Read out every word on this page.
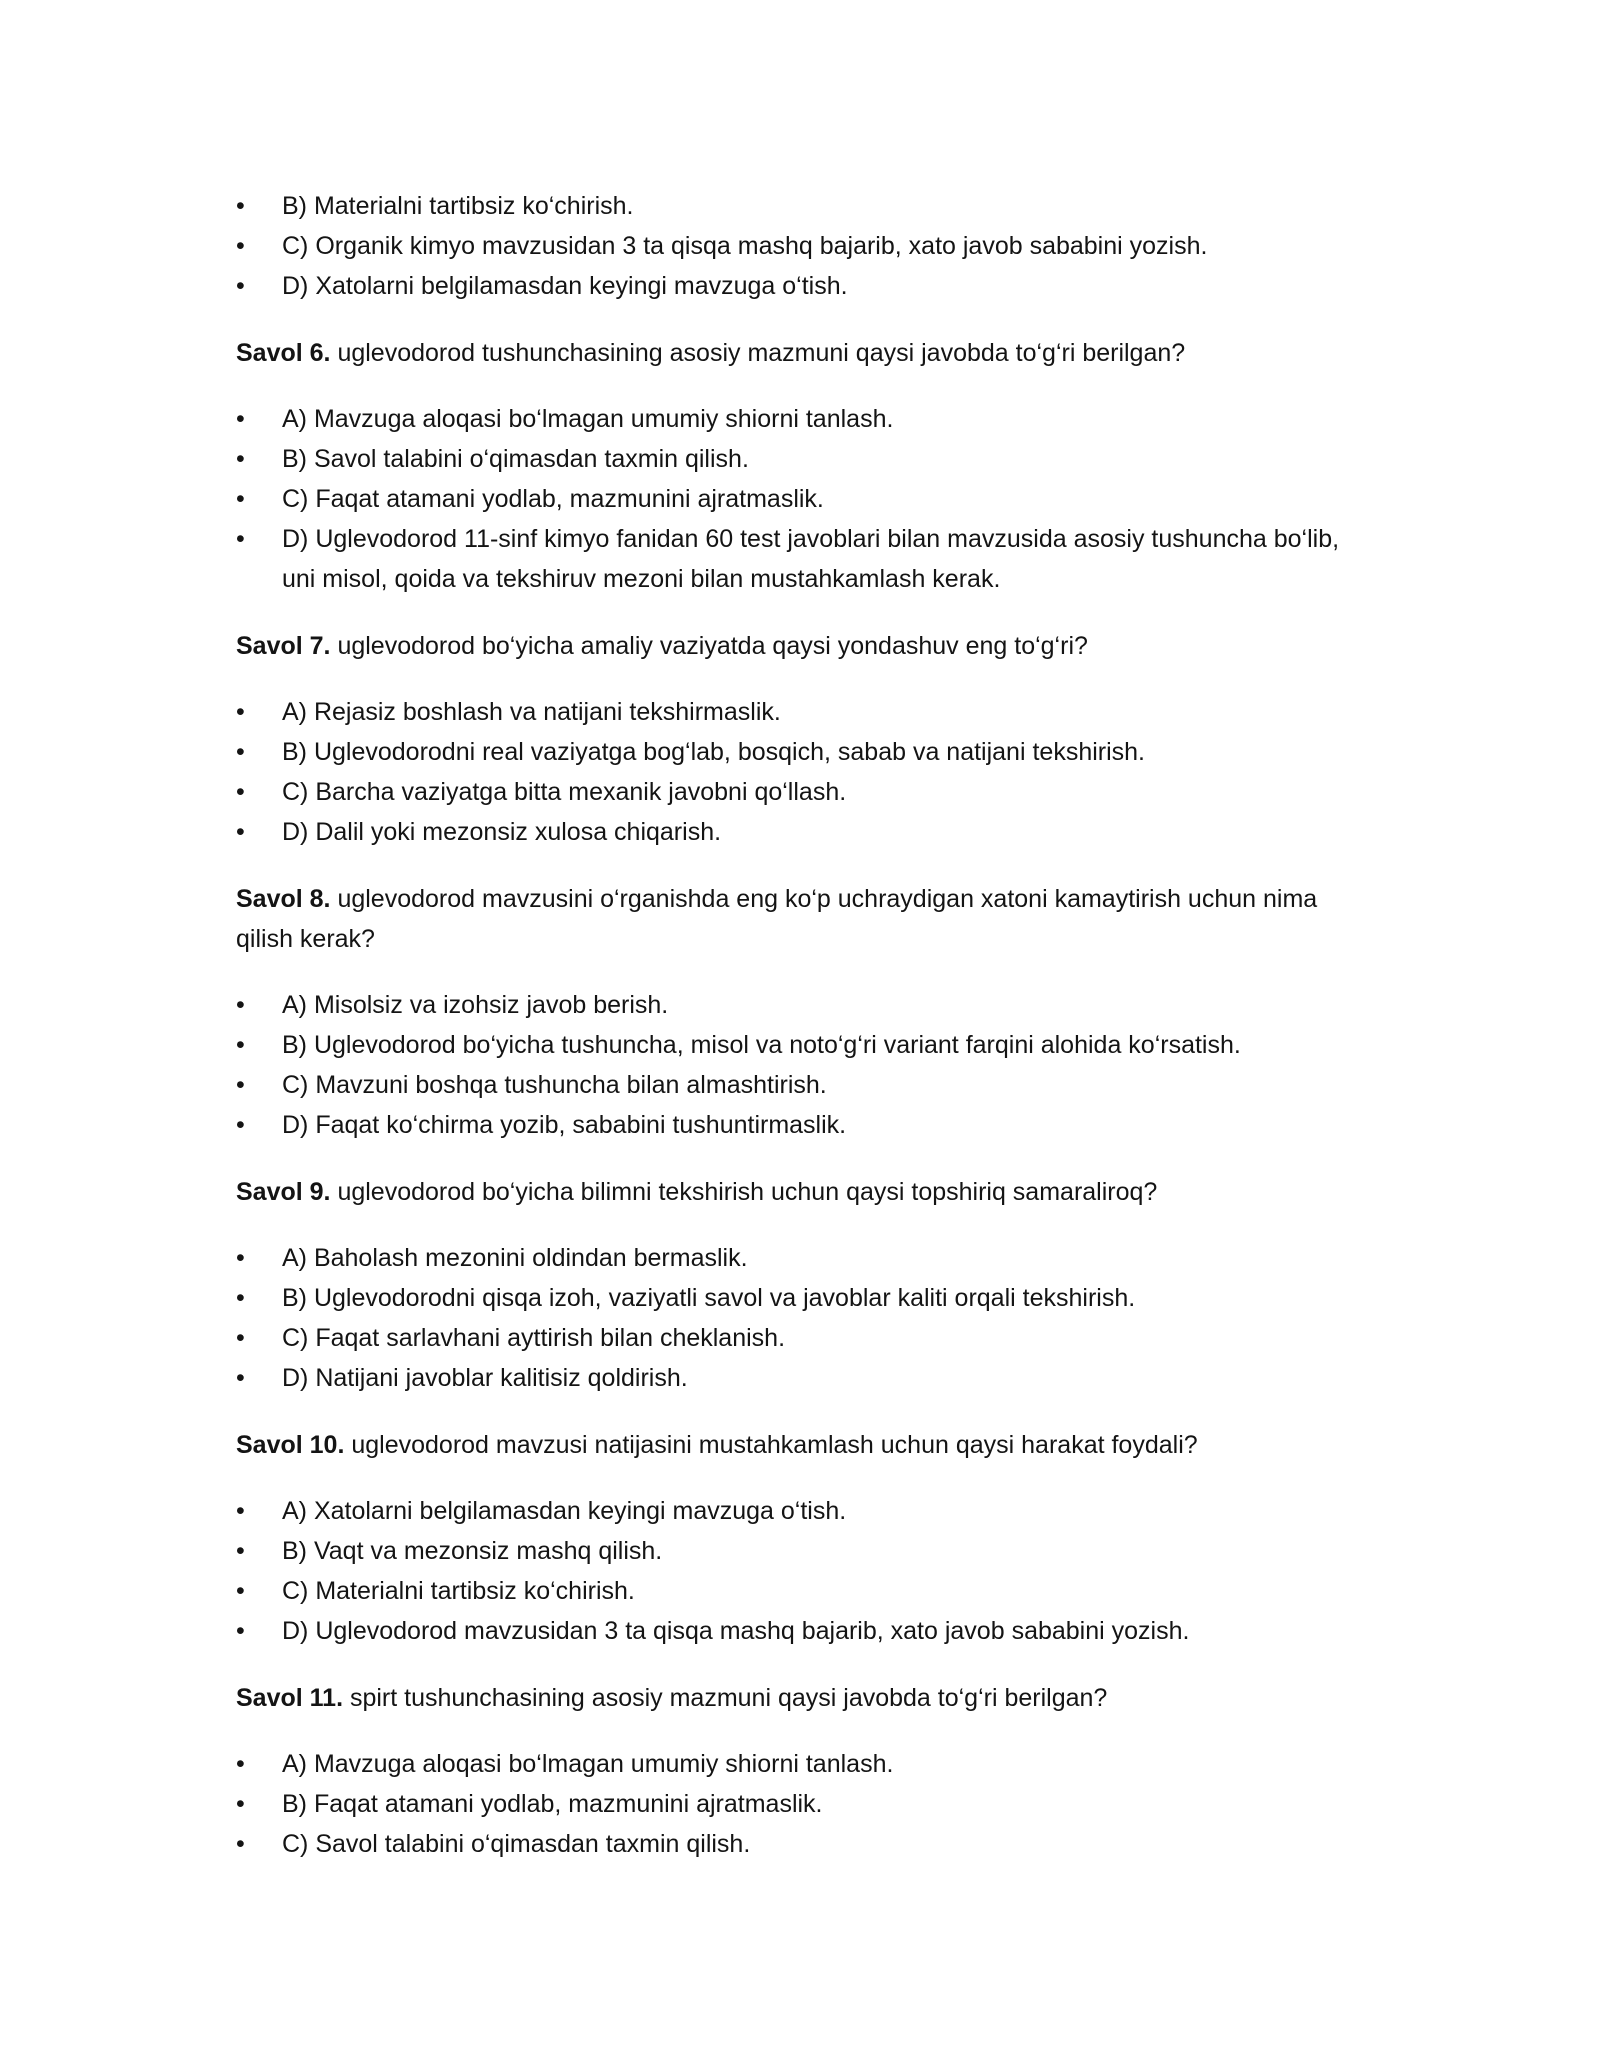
•	B) Materialni tartibsiz ko‘chirish.
•	C) Organik kimyo mavzusidan 3 ta qisqa mashq bajarib, xato javob sababini yozish.
•	D) Xatolarni belgilamasdan keyingi mavzuga o‘tish.

Savol 6. uglevodorod tushunchasining asosiy mazmuni qaysi javobda to‘g‘ri berilgan?

•	A) Mavzuga aloqasi bo‘lmagan umumiy shiorni tanlash.
•	B) Savol talabini o‘qimasdan taxmin qilish.
•	C) Faqat atamani yodlab, mazmunini ajratmaslik.
•	D) Uglevodorod 11-sinf kimyo fanidan 60 test javoblari bilan mavzusida asosiy tushuncha bo‘lib, uni misol, qoida va tekshiruv mezoni bilan mustahkamlash kerak.

Savol 7. uglevodorod bo‘yicha amaliy vaziyatda qaysi yondashuv eng to‘g‘ri?

•	A) Rejasiz boshlash va natijani tekshirmaslik.
•	B) Uglevodorodni real vaziyatga bog‘lab, bosqich, sabab va natijani tekshirish.
•	C) Barcha vaziyatga bitta mexanik javobni qo‘llash.
•	D) Dalil yoki mezonsiz xulosa chiqarish.

Savol 8. uglevodorod mavzusini o‘rganishda eng ko‘p uchraydigan xatoni kamaytirish uchun nima qilish kerak?

•	A) Misolsiz va izohsiz javob berish.
•	B) Uglevodorod bo‘yicha tushuncha, misol va noto‘g‘ri variant farqini alohida ko‘rsatish.
•	C) Mavzuni boshqa tushuncha bilan almashtirish.
•	D) Faqat ko‘chirma yozib, sababini tushuntirmaslik.

Savol 9. uglevodorod bo‘yicha bilimni tekshirish uchun qaysi topshiriq samaraliroq?

•	A) Baholash mezonini oldindan bermaslik.
•	B) Uglevodorodni qisqa izoh, vaziyatli savol va javoblar kaliti orqali tekshirish.
•	C) Faqat sarlavhani ayttirish bilan cheklanish.
•	D) Natijani javoblar kalitisiz qoldirish.

Savol 10. uglevodorod mavzusi natijasini mustahkamlash uchun qaysi harakat foydali?

•	A) Xatolarni belgilamasdan keyingi mavzuga o‘tish.
•	B) Vaqt va mezonsiz mashq qilish.
•	C) Materialni tartibsiz ko‘chirish.
•	D) Uglevodorod mavzusidan 3 ta qisqa mashq bajarib, xato javob sababini yozish.

Savol 11. spirt tushunchasining asosiy mazmuni qaysi javobda to‘g‘ri berilgan?

•	A) Mavzuga aloqasi bo‘lmagan umumiy shiorni tanlash.
•	B) Faqat atamani yodlab, mazmunini ajratmaslik.
•	C) Savol talabini o‘qimasdan taxmin qilish.
